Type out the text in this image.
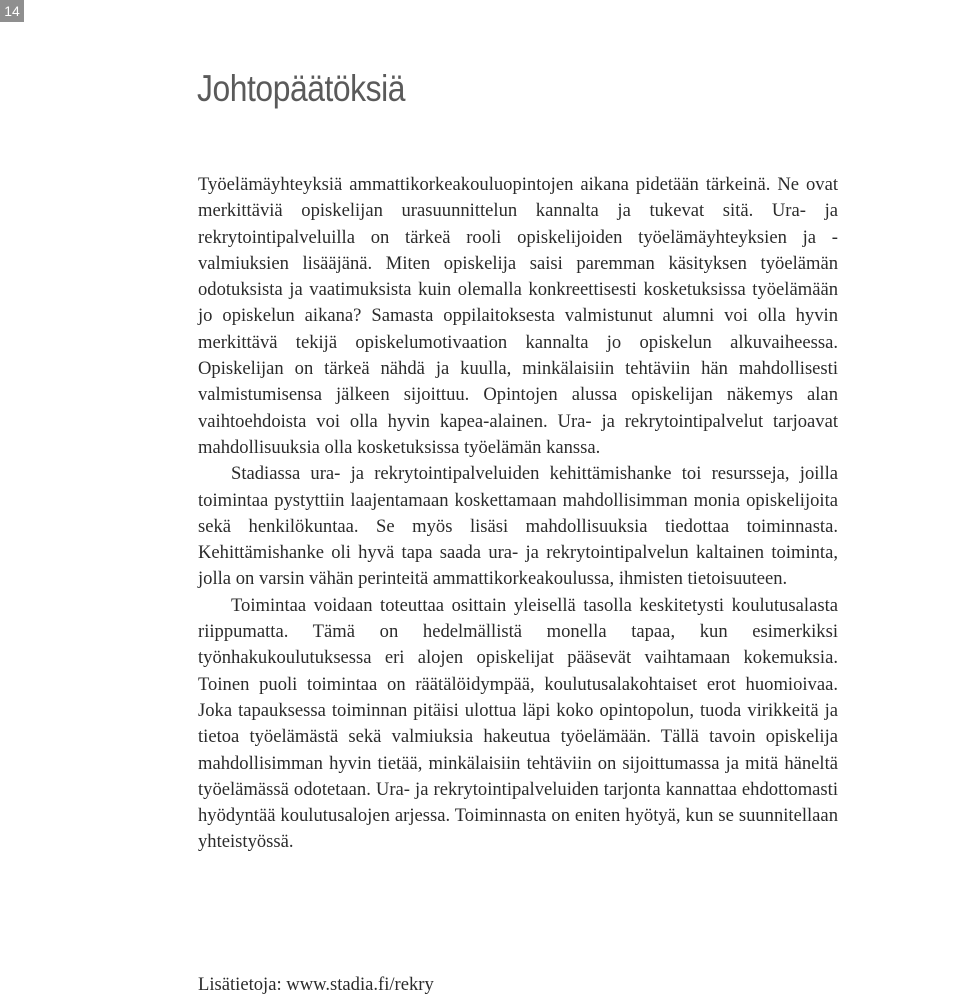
14
Johtopäätöksiä

Työelämäyhteyksiä ammattikorkeakouluopintojen aikana pidetään tärkeinä. Ne ovat merkittäviä opiskelijan urasuunnittelun kannalta ja tukevat sitä. Ura- ja rekrytointipalveluilla on tärkeä rooli opiskelijoiden työelämäyhteyksien ja -valmiuksien lisääjänä. Miten opiskelija saisi paremman käsityksen työelämän odotuksista ja vaatimuksista kuin olemalla konkreettisesti kosketuksissa työelämään jo opiskelun aikana? Samasta oppilaitoksesta valmistunut alumni voi olla hyvin merkittävä tekijä opiskelumotivaation kannalta jo opiskelun alkuvaiheessa. Opiskelijan on tärkeä nähdä ja kuulla, minkälaisiin tehtäviin hän mahdollisesti valmistumisensa jälkeen sijoittuu. Opintojen alussa opiskelijan näkemys alan vaihtoehdoista voi olla hyvin kapea-alainen. Ura- ja rekrytointipalvelut tarjoavat mahdollisuuksia olla kosketuksissa työelämän kanssa.

Stadiassa ura- ja rekrytointipalveluiden kehittämishanke toi resursseja, joilla toimintaa pystyttiin laajentamaan koskettamaan mahdollisimman monia opiskelijoita sekä henkilökuntaa. Se myös lisäsi mahdollisuuksia tiedottaa toiminnasta. Kehittämishanke oli hyvä tapa saada ura- ja rekrytointipalvelun kaltainen toiminta, jolla on varsin vähän perinteitä ammattikorkeakoulussa, ihmisten tietoisuuteen.

Toimintaa voidaan toteuttaa osittain yleisellä tasolla keskitetysti koulutusalasta riippumatta. Tämä on hedelmällistä monella tapaa, kun esimerkiksi työnhakukoulutuksessa eri alojen opiskelijat pääsevät vaihtamaan kokemuksia. Toinen puoli toimintaa on räätälöidympää, koulutusalakohtaiset erot huomioivaa. Joka tapauksessa toiminnan pitäisi ulottua läpi koko opintopolun, tuoda virikkeitä ja tietoa työelämästä sekä valmiuksia hakeutua työelämään. Tällä tavoin opiskelija mahdollisimman hyvin tietää, minkälaisiin tehtäviin on sijoittumassa ja mitä häneltä työelämässä odotetaan. Ura- ja rekrytointipalveluiden tarjonta kannattaa ehdottomasti hyödyntää koulutusalojen arjessa. Toiminnasta on eniten hyötyä, kun se suunnitellaan yhteistyössä.

Lisätietoja: www.stadia.fi/rekry
